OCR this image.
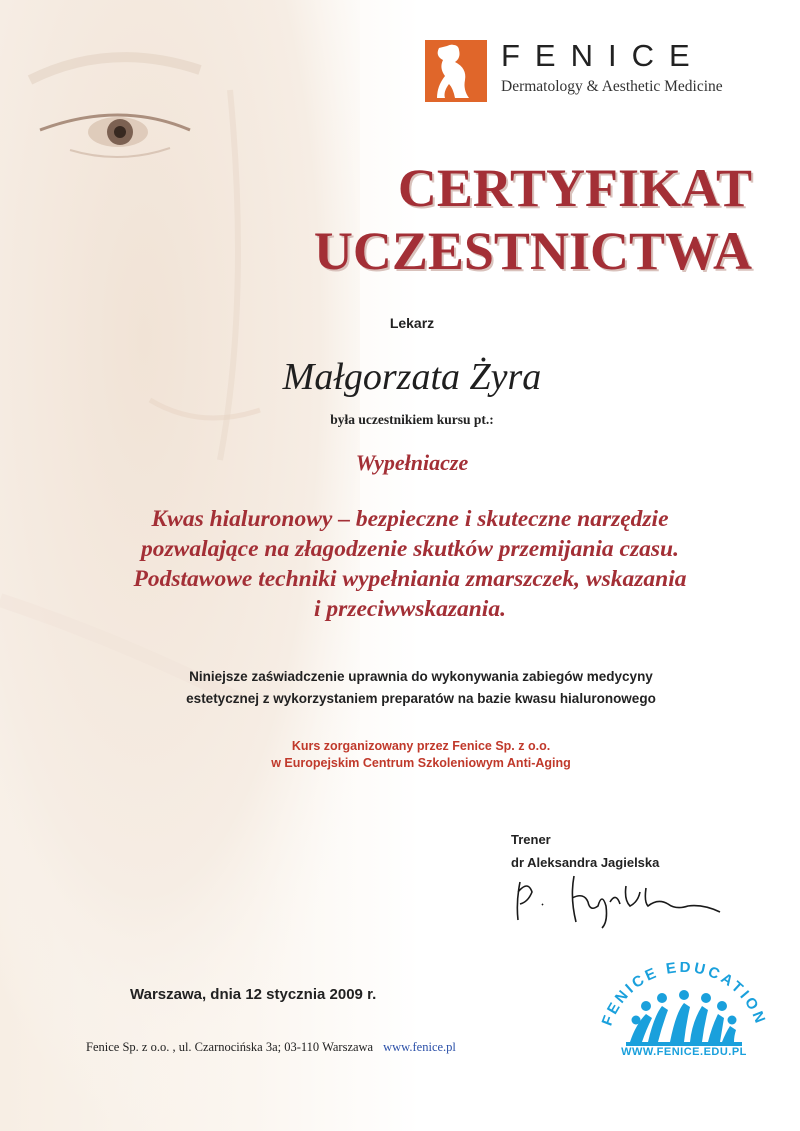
FENICE
Dermatology & Aesthetic Medicine
CERTYFIKAT
UCZESTNICTWA
Lekarz
Małgorzata Żyra
była uczestnikiem kursu pt.:
Wypełniacze
Kwas hialuronowy – bezpieczne i skuteczne narzędzie
pozwalające na złagodzenie skutków przemijania czasu.
Podstawowe techniki wypełniania zmarszczek, wskazania
i przeciwwskazania.
Niniejsze zaświadczenie uprawnia do wykonywania zabiegów medycyny
estetycznej z wykorzystaniem preparatów na bazie kwasu hialuronowego
Kurs zorganizowany przez Fenice Sp. z o.o.
w Europejskim Centrum Szkoleniowym Anti-Aging
Trener
dr Aleksandra Jagielska
Warszawa, dnia 12 stycznia 2009 r.
Fenice Sp. z o.o. , ul. Czarnocińska 3a; 03-110 Warszawa www.fenice.pl
FENICE EDUCATION
WWW.FENICE.EDU.PL
